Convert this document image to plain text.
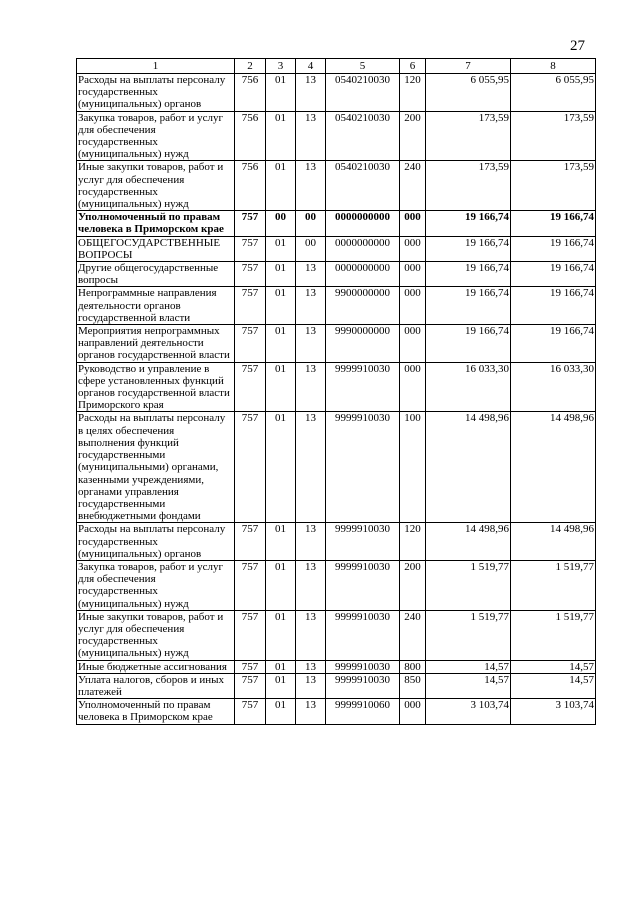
27
1	2	3	4	5	6	7	8
Расходы на выплаты персоналу государственных (муниципальных) органов	756	01	13	0540210030	120	6 055,95	6 055,95
Закупка товаров, работ и услуг для обеспечения государственных (муниципальных) нужд	756	01	13	0540210030	200	173,59	173,59
Иные закупки товаров, работ и услуг для обеспечения государственных (муниципальных) нужд	756	01	13	0540210030	240	173,59	173,59
Уполномоченный по правам человека в Приморском крае	757	00	00	0000000000	000	19 166,74	19 166,74
ОБЩЕГОСУДАРСТВЕННЫЕ ВОПРОСЫ	757	01	00	0000000000	000	19 166,74	19 166,74
Другие общегосударственные вопросы	757	01	13	0000000000	000	19 166,74	19 166,74
Непрограммные направления деятельности органов государственной власти	757	01	13	9900000000	000	19 166,74	19 166,74
Мероприятия непрограммных направлений деятельности органов государственной власти	757	01	13	9990000000	000	19 166,74	19 166,74
Руководство и управление в сфере установленных функций органов государственной власти Приморского края	757	01	13	9999910030	000	16 033,30	16 033,30
Расходы на выплаты персоналу в целях обеспечения выполнения функций государственными (муниципальными) органами, казенными учреждениями, органами управления государственными внебюджетными фондами	757	01	13	9999910030	100	14 498,96	14 498,96
Расходы на выплаты персоналу государственных (муниципальных) органов	757	01	13	9999910030	120	14 498,96	14 498,96
Закупка товаров, работ и услуг для обеспечения государственных (муниципальных) нужд	757	01	13	9999910030	200	1 519,77	1 519,77
Иные закупки товаров, работ и услуг для обеспечения государственных (муниципальных) нужд	757	01	13	9999910030	240	1 519,77	1 519,77
Иные бюджетные ассигнования	757	01	13	9999910030	800	14,57	14,57
Уплата налогов, сборов и иных платежей	757	01	13	9999910030	850	14,57	14,57
Уполномоченный по правам человека в Приморском крае	757	01	13	9999910060	000	3 103,74	3 103,74
